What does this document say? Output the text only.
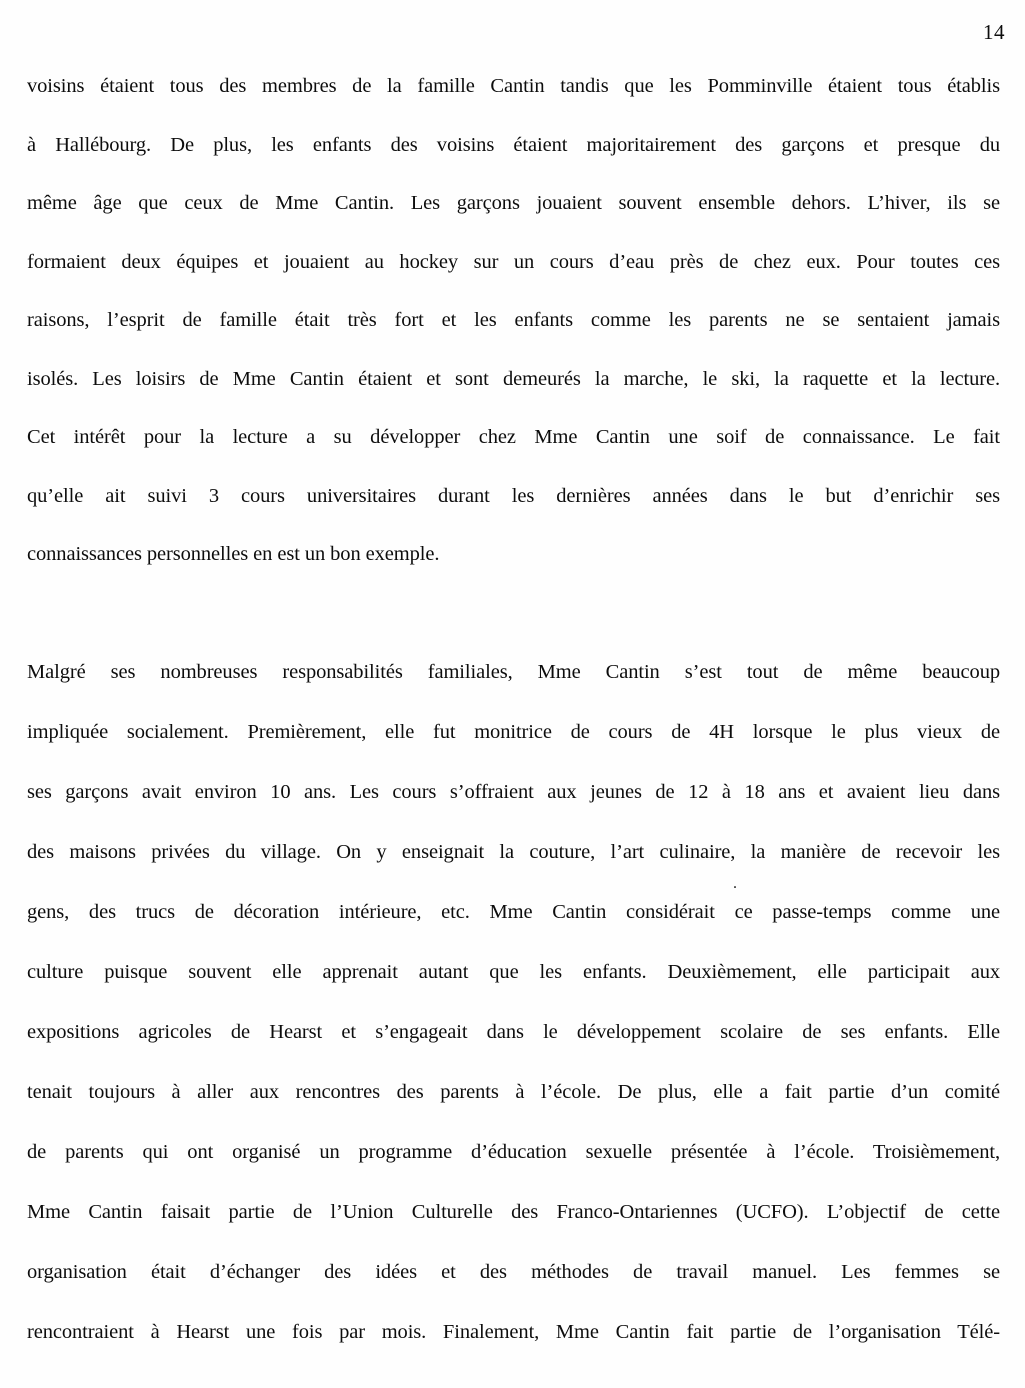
14
voisins étaient tous des membres de la famille Cantin tandis que les Pomminville étaient tous établis
à Hallébourg. De plus, les enfants des voisins étaient majoritairement des garçons et presque du
même âge que ceux de Mme Cantin. Les garçons jouaient souvent ensemble dehors. L’hiver, ils se
formaient deux équipes et jouaient au hockey sur un cours d’eau près de chez eux. Pour toutes ces
raisons, l’esprit de famille était très fort et les enfants comme les parents ne se sentaient jamais
isolés. Les loisirs de Mme Cantin étaient et sont demeurés la marche, le ski, la raquette et la lecture.
Cet intérêt pour la lecture a su développer chez Mme Cantin une soif de connaissance. Le fait
qu’elle ait suivi 3 cours universitaires durant les dernières années dans le but d’enrichir ses
connaissances personnelles en est un bon exemple.
Malgré ses nombreuses responsabilités familiales, Mme Cantin s’est tout de même beaucoup
impliquée socialement. Premièrement, elle fut monitrice de cours de 4H lorsque le plus vieux de
ses garçons avait environ 10 ans. Les cours s’offraient aux jeunes de 12 à 18 ans et avaient lieu dans
des maisons privées du village. On y enseignait la couture, l’art culinaire, la manière de recevoir les
gens, des trucs de décoration intérieure, etc. Mme Cantin considérait ce passe-temps comme une
culture puisque souvent elle apprenait autant que les enfants. Deuxièmement, elle participait aux
expositions agricoles de Hearst et s’engageait dans le développement scolaire de ses enfants. Elle
tenait toujours à aller aux rencontres des parents à l’école. De plus, elle a fait partie d’un comité
de parents qui ont organisé un programme d’éducation sexuelle présentée à l’école. Troisièmement,
Mme Cantin faisait partie de l’Union Culturelle des Franco-Ontariennes (UCFO). L’objectif de cette
organisation était d’échanger des idées et des méthodes de travail manuel. Les femmes se
rencontraient à Hearst une fois par mois. Finalement, Mme Cantin fait partie de l’organisation Télé-
.
